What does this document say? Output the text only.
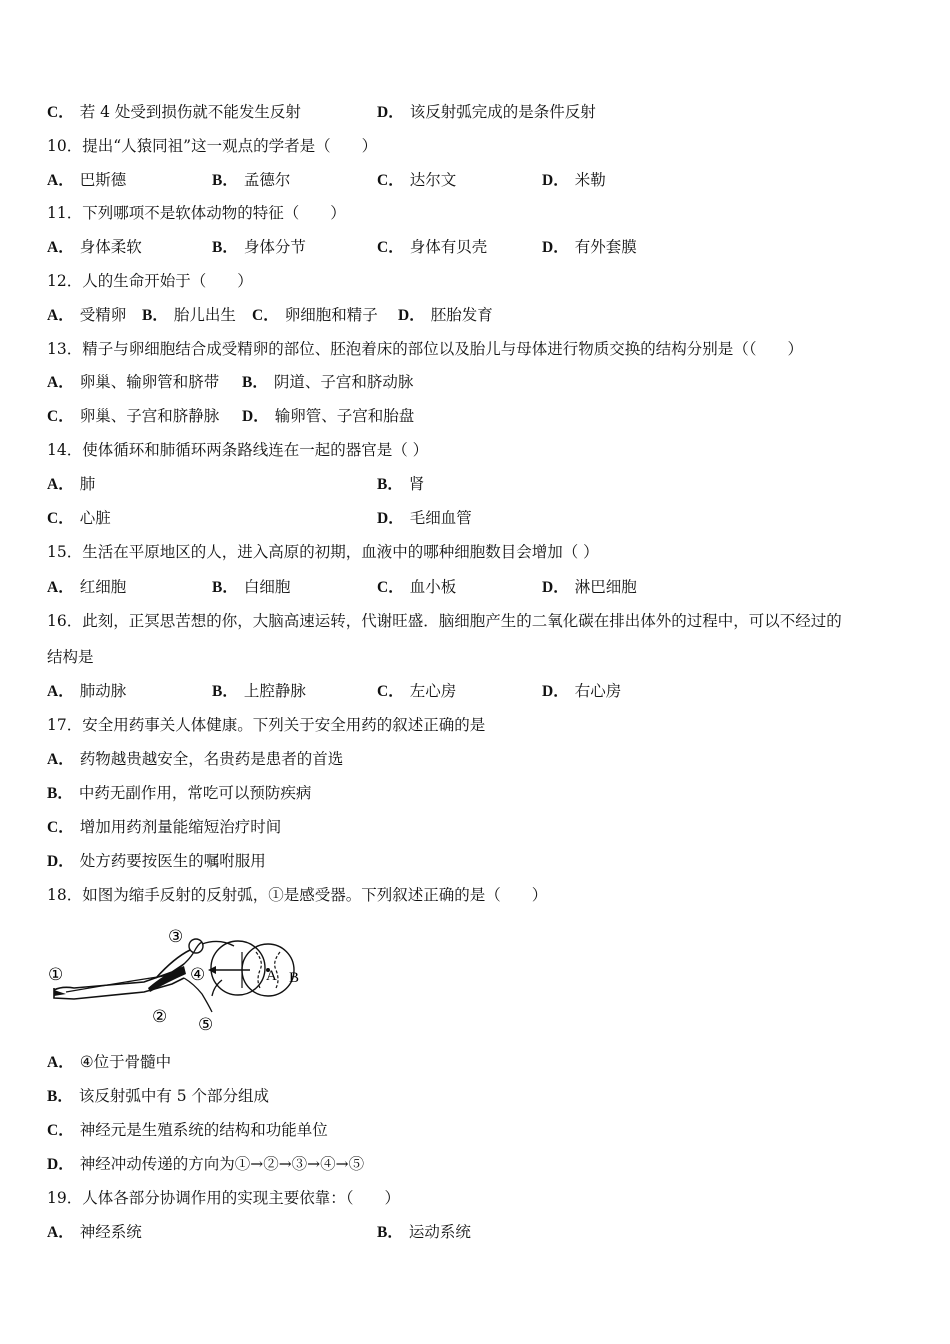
C． 若 4 处受到损伤就不能发生反射	D． 该反射弧完成的是条件反射
10．提出“人猿同祖”这一观点的学者是（　　）
A． 巴斯德	B． 孟德尔	C． 达尔文	D． 米勒
11．下列哪项不是软体动物的特征（　　）
A． 身体柔软	B． 身体分节	C． 身体有贝壳	D． 有外套膜
12．人的生命开始于（　　）
A． 受精卵 B． 胎儿出生 C． 卵细胞和精子 D． 胚胎发育
13．精子与卵细胞结合成受精卵的部位、胚泡着床的部位以及胎儿与母体进行物质交换的结构分别是（（　　）
A． 卵巢、输卵管和脐带 B． 阴道、子宫和脐动脉
C． 卵巢、子宫和脐静脉 D． 输卵管、子宫和胎盘
14．使体循环和肺循环两条路线连在一起的器官是（ ）
A． 肺	B． 肾
C． 心脏	D． 毛细血管
15．生活在平原地区的人，进入高原的初期，血液中的哪种细胞数目会增加（ ）
A． 红细胞	B． 白细胞	C． 血小板	D． 淋巴细胞
16．此刻，正冥思苦想的你，大脑高速运转，代谢旺盛．脑细胞产生的二氧化碳在排出体外的过程中，可以不经过的
结构是
A． 肺动脉	B． 上腔静脉	C． 左心房	D． 右心房
17．安全用药事关人体健康。下列关于安全用药的叙述正确的是
A． 药物越贵越安全，名贵药是患者的首选
B． 中药无副作用，常吃可以预防疾病
C． 增加用药剂量能缩短治疗时间
D． 处方药要按医生的嘱咐服用
18．如图为缩手反射的反射弧，①是感受器。下列叙述正确的是（　　）
①
②
③
④
⑤
A B
A． ④位于骨髓中
B． 该反射弧中有 5 个部分组成
C． 神经元是生殖系统的结构和功能单位
D． 神经冲动传递的方向为①→②→③→④→⑤
19．人体各部分协调作用的实现主要依靠：（　　）
A． 神经系统	B． 运动系统
